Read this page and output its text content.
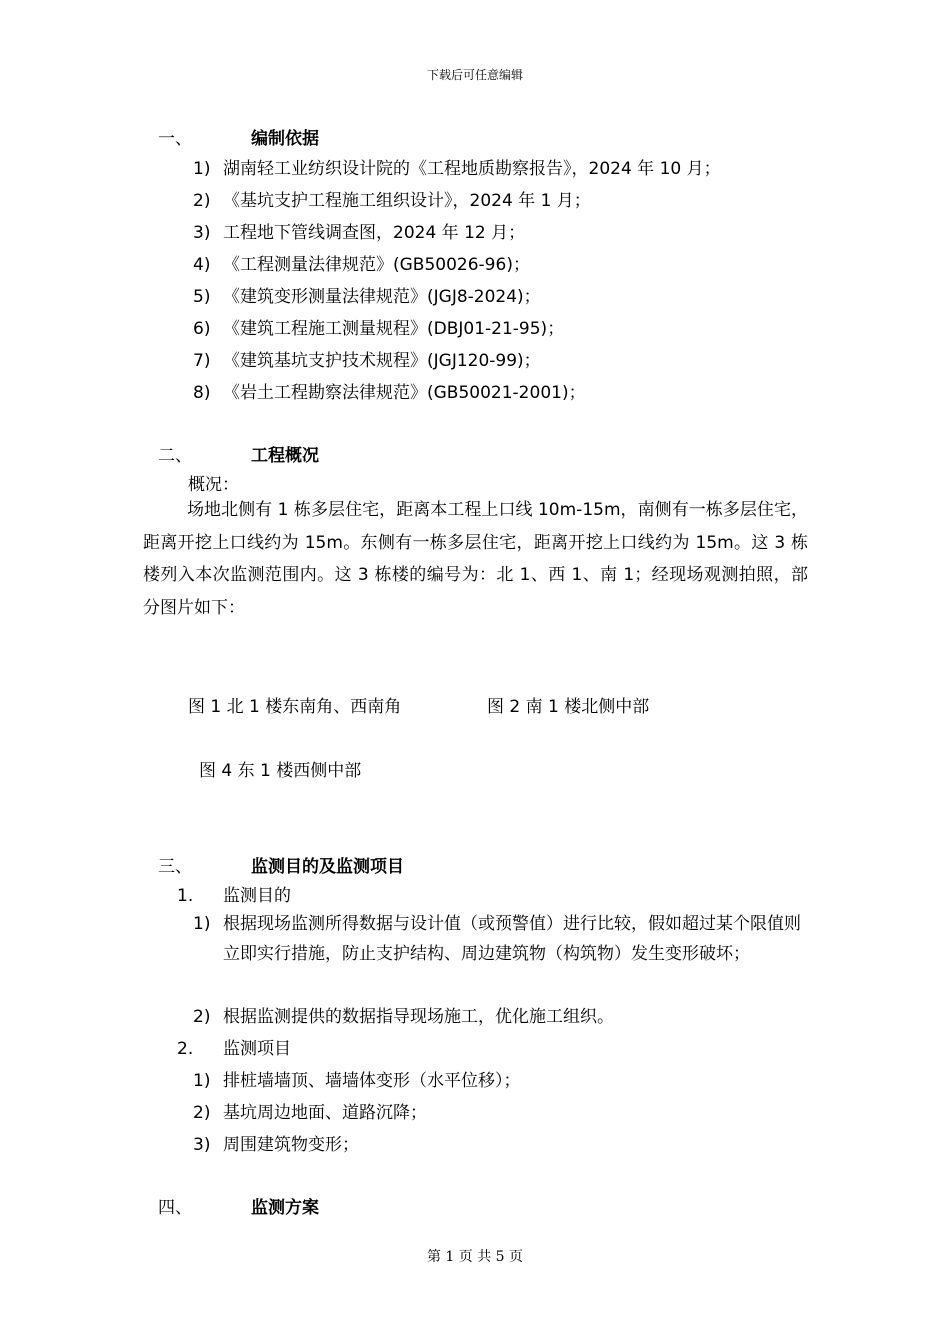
下载后可任意编辑
一、	编制依据
1) 湖南轻工业纺织设计院的《工程地质勘察报告》，2024 年 10 月；
2) 《基坑支护工程施工组织设计》，2024 年 1 月；
3) 工程地下管线调查图，2024 年 12 月；
4) 《工程测量法律规范》(GB50026-96)；
5) 《建筑变形测量法律规范》(JGJ8-2024)；
6) 《建筑工程施工测量规程》(DBJ01-21-95)；
7) 《建筑基坑支护技术规程》(JGJ120-99)；
8) 《岩土工程勘察法律规范》(GB50021-2001)；
二、	工程概况
概况：
场地北侧有 1 栋多层住宅，距离本工程上口线 10m-15m，南侧有一栋多层住宅，距离开挖上口线约为 15m。东侧有一栋多层住宅，距离开挖上口线约为 15m。这 3 栋楼列入本次监测范围内。这 3 栋楼的编号为：北 1、西 1、南 1；经现场观测拍照，部分图片如下：
图 1 北 1 楼东南角、西南角	图 2 南 1 楼北侧中部
图 4 东 1 楼西侧中部
三、	监测目的及监测项目
1. 监测目的
1) 根据现场监测所得数据与设计值（或预警值）进行比较，假如超过某个限值则立即实行措施，防止支护结构、周边建筑物（构筑物）发生变形破坏；
2) 根据监测提供的数据指导现场施工，优化施工组织。
2. 监测项目
1) 排桩墙墙顶、墙墙体变形（水平位移）；
2) 基坑周边地面、道路沉降；
3) 周围建筑物变形；
四、	监测方案
第 1 页 共 5 页
